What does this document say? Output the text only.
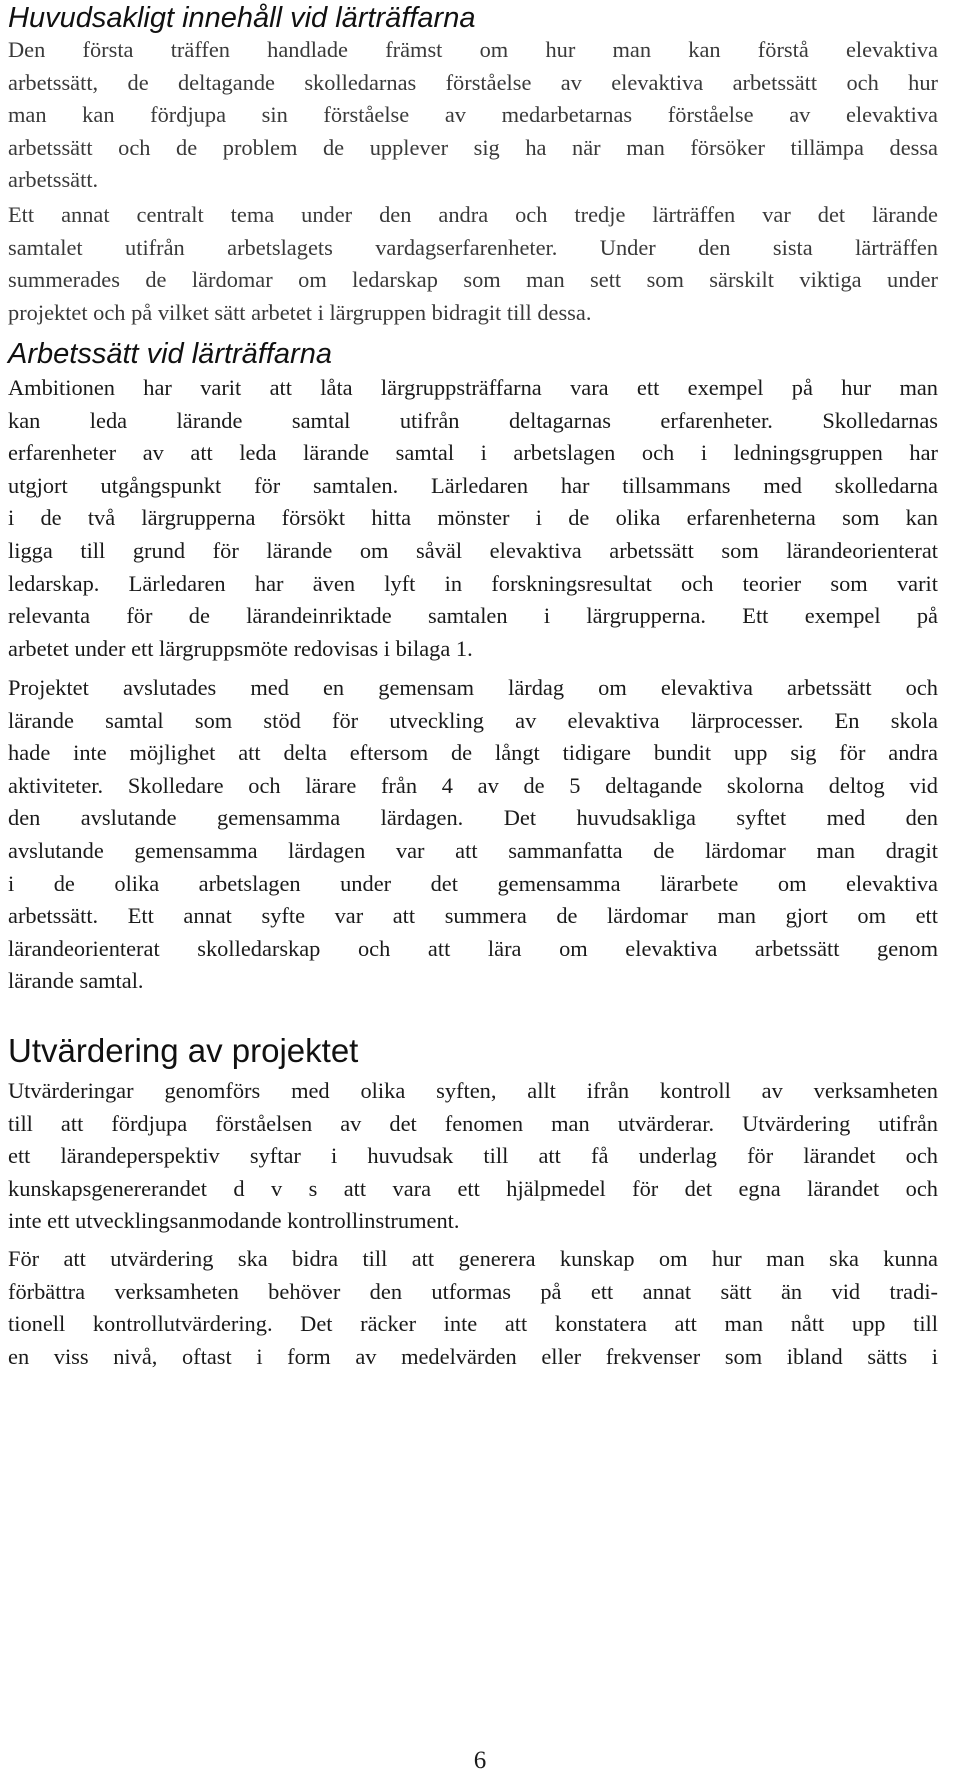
Huvudsakligt innehåll vid lärträffarna

Den första träffen handlade främst om hur man kan förstå elevaktiva
arbetssätt, de deltagande skolledarnas förståelse av elevaktiva arbetssätt och hur
man kan fördjupa sin förståelse av medarbetarnas förståelse av elevaktiva
arbetssätt och de problem de upplever sig ha när man försöker tillämpa dessa
arbetssätt.

Ett annat centralt tema under den andra och tredje lärträffen var det lärande
samtalet utifrån arbetslagets vardagserfarenheter. Under den sista lärträffen
summerades de lärdomar om ledarskap som man sett som särskilt viktiga under
projektet och på vilket sätt arbetet i lärgruppen bidragit till dessa.

Arbetssätt vid lärträffarna

Ambitionen har varit att låta lärgruppsträffarna vara ett exempel på hur man
kan leda lärande samtal utifrån deltagarnas erfarenheter. Skolledarnas
erfarenheter av att leda lärande samtal i arbetslagen och i ledningsgruppen har
utgjort utgångspunkt för samtalen. Lärledaren har tillsammans med skolledarna
i de två lärgrupperna försökt hitta mönster i de olika erfarenheterna som kan
ligga till grund för lärande om såväl elevaktiva arbetssätt som lärandeorienterat
ledarskap. Lärledaren har även lyft in forskningsresultat och teorier som varit
relevanta för de lärandeinriktade samtalen i lärgrupperna. Ett exempel på
arbetet under ett lärgruppsmöte redovisas i bilaga 1.

Projektet avslutades med en gemensam lärdag om elevaktiva arbetssätt och
lärande samtal som stöd för utveckling av elevaktiva lärprocesser. En skola
hade inte möjlighet att delta eftersom de långt tidigare bundit upp sig för andra
aktiviteter. Skolledare och lärare från 4 av de 5 deltagande skolorna deltog vid
den avslutande gemensamma lärdagen. Det huvudsakliga syftet med den
avslutande gemensamma lärdagen var att sammanfatta de lärdomar man dragit
i de olika arbetslagen under det gemensamma lärarbete om elevaktiva
arbetssätt. Ett annat syfte var att summera de lärdomar man gjort om ett
lärandeorienterat skolledarskap och att lära om elevaktiva arbetssätt genom
lärande samtal.

Utvärdering av projektet

Utvärderingar genomförs med olika syften, allt ifrån kontroll av verksamheten
till att fördjupa förståelsen av det fenomen man utvärderar. Utvärdering utifrån
ett lärandeperspektiv syftar i huvudsak till att få underlag för lärandet och
kunskapsgenererandet d v s att vara ett hjälpmedel för det egna lärandet och
inte ett utvecklingsanmodande kontrollinstrument.

För att utvärdering ska bidra till att generera kunskap om hur man ska kunna
förbättra verksamheten behöver den utformas på ett annat sätt än vid tradi-
tionell kontrollutvärdering. Det räcker inte att konstatera att man nått upp till
en viss nivå, oftast i form av medelvärden eller frekvenser som ibland sätts i

6
